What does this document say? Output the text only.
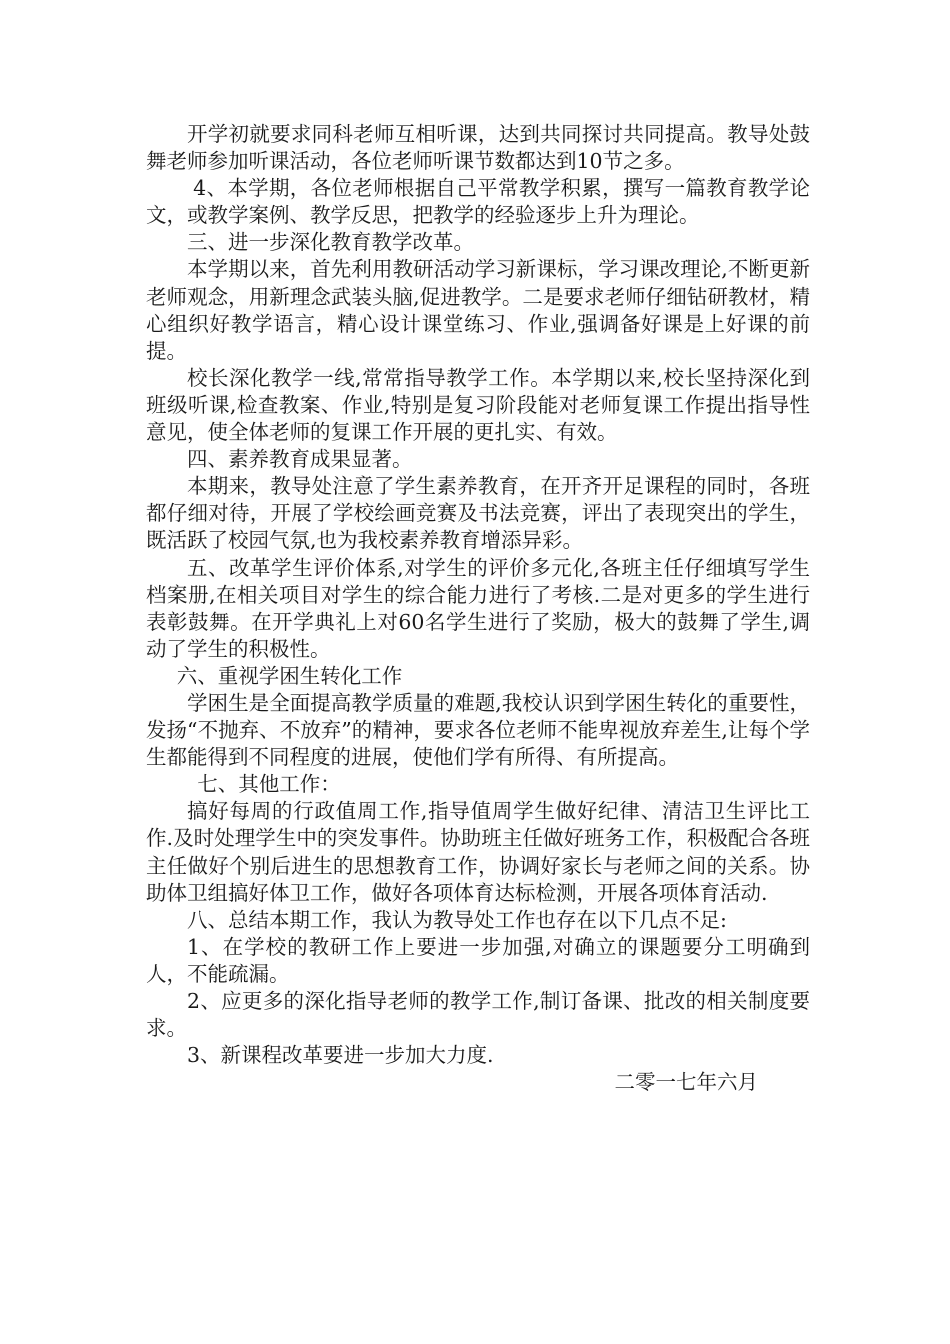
开学初就要求同科老师互相听课，达到共同探讨共同提高。教导处鼓舞老师参加听课活动，各位老师听课节数都达到10节之多。

4、本学期，各位老师根据自己平常教学积累，撰写一篇教育教学论文，或教学案例、教学反思，把教学的经验逐步上升为理论。

三、进一步深化教育教学改革。

本学期以来，首先利用教研活动学习新课标，学习课改理论,不断更新老师观念，用新理念武装头脑,促进教学。二是要求老师仔细钻研教材，精心组织好教学语言，精心设计课堂练习、作业,强调备好课是上好课的前提。

校长深化教学一线,常常指导教学工作。本学期以来,校长坚持深化到班级听课,检查教案、作业,特别是复习阶段能对老师复课工作提出指导性意见，使全体老师的复课工作开展的更扎实、有效。

四、素养教育成果显著。

本期来，教导处注意了学生素养教育，在开齐开足课程的同时，各班都仔细对待，开展了学校绘画竞赛及书法竞赛，评出了表现突出的学生，既活跃了校园气氛,也为我校素养教育增添异彩。

五、改革学生评价体系,对学生的评价多元化,各班主任仔细填写学生档案册,在相关项目对学生的综合能力进行了考核.二是对更多的学生进行表彰鼓舞。在开学典礼上对60名学生进行了奖励，极大的鼓舞了学生,调动了学生的积极性。

六、重视学困生转化工作

学困生是全面提高教学质量的难题,我校认识到学困生转化的重要性，发扬“不抛弃、不放弃”的精神，要求各位老师不能卑视放弃差生,让每个学生都能得到不同程度的进展，使他们学有所得、有所提高。

七、其他工作：

搞好每周的行政值周工作,指导值周学生做好纪律、清洁卫生评比工作.及时处理学生中的突发事件。协助班主任做好班务工作，积极配合各班主任做好个别后进生的思想教育工作，协调好家长与老师之间的关系。协助体卫组搞好体卫工作，做好各项体育达标检测，开展各项体育活动.

八、总结本期工作，我认为教导处工作也存在以下几点不足:

1、在学校的教研工作上要进一步加强,对确立的课题要分工明确到人，不能疏漏。

2、应更多的深化指导老师的教学工作,制订备课、批改的相关制度要求。

3、新课程改革要进一步加大力度.

二零一七年六月
